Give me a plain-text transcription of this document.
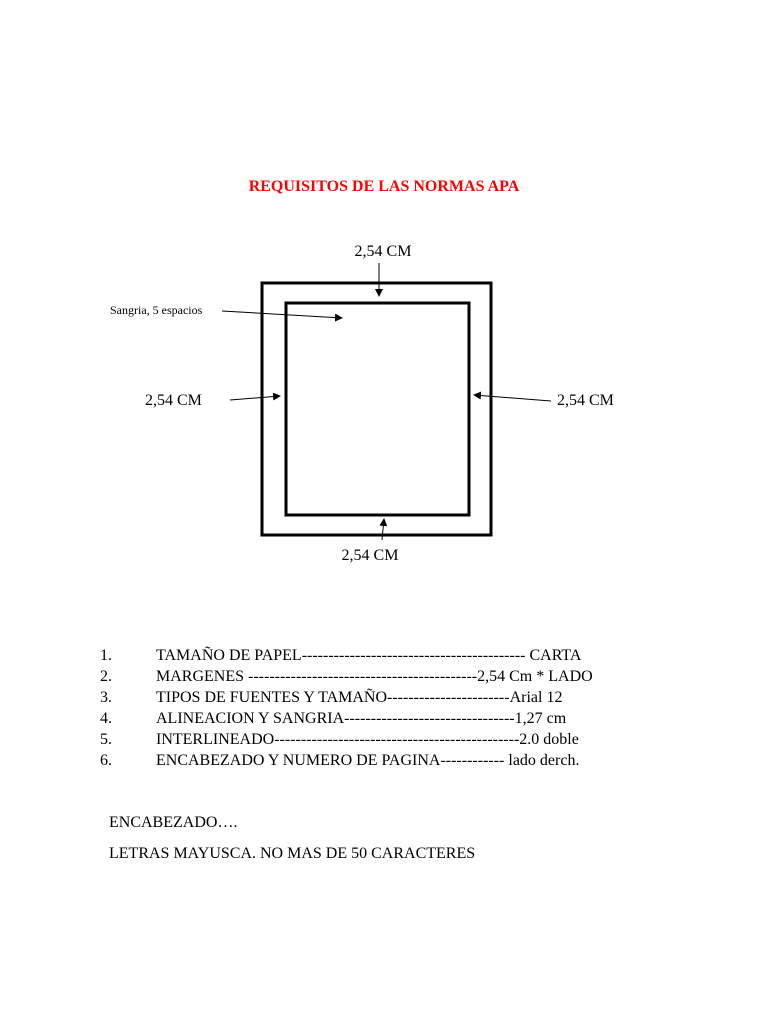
REQUISITOS DE LAS NORMAS APA
2,54 CM
2,54 CM	2,54 CM
2,54 CM
Sangria, 5 espacios
1.	TAMAÑO DE PAPEL------------------------------------------ CARTA
2.	MARGENES -------------------------------------------2,54 Cm * LADO
3.	TIPOS DE FUENTES Y TAMAÑO-----------------------Arial 12
4.	ALINEACION Y SANGRIA--------------------------------1,27 cm
5.	INTERLINEADO----------------------------------------------2.0 doble
6.	ENCABEZADO Y NUMERO DE PAGINA------------ lado derch.
ENCABEZADO….
LETRAS MAYUSCA. NO MAS DE 50 CARACTERES
